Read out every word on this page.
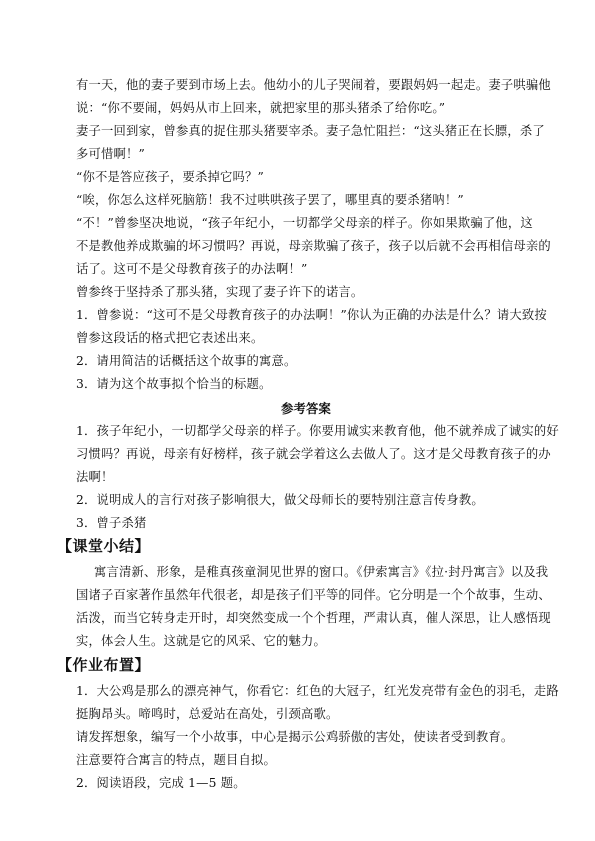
有一天，他的妻子要到市场上去。他幼小的儿子哭闹着，要跟妈妈一起走。妻子哄骗他
说：“你不要闹，妈妈从市上回来，就把家里的那头猪杀了给你吃。”
妻子一回到家，曾参真的捉住那头猪要宰杀。妻子急忙阻拦：“这头猪正在长膘，杀了
多可惜啊！”
“你不是答应孩子，要杀掉它吗？”
“唉，你怎么这样死脑筋！我不过哄哄孩子罢了，哪里真的要杀猪呐！”
“不！”曾参坚决地说，“孩子年纪小，一切都学父母亲的样子。你如果欺骗了他，这
不是教他养成欺骗的坏习惯吗？再说，母亲欺骗了孩子，孩子以后就不会再相信母亲的
话了。这可不是父母教育孩子的办法啊！”
曾参终于坚持杀了那头猪，实现了妻子许下的诺言。
1．曾参说：“这可不是父母教育孩子的办法啊！”你认为正确的办法是什么？请大致按
曾参这段话的格式把它表述出来。
2．请用简洁的话概括这个故事的寓意。
3．请为这个故事拟个恰当的标题。
参考答案
1．孩子年纪小，一切都学父母亲的样子。你要用诚实来教育他，他不就养成了诚实的好
习惯吗？再说，母亲有好榜样，孩子就会学着这么去做人了。这才是父母教育孩子的办
法啊！
2．说明成人的言行对孩子影响很大，做父母师长的要特别注意言传身教。
3．曾子杀猪
【课堂小结】
寓言清新、形象，是稚真孩童洞见世界的窗口。《伊索寓言》《拉·封丹寓言》以及我
国诸子百家著作虽然年代很老，却是孩子们平等的同伴。它分明是一个个故事，生动、
活泼，而当它转身走开时，却突然变成一个个哲理，严肃认真，催人深思，让人感悟现
实，体会人生。这就是它的风采、它的魅力。
【作业布置】
1．大公鸡是那么的漂亮神气，你看它：红色的大冠子，红光发亮带有金色的羽毛，走路
挺胸昂头。啼鸣时，总爱站在高处，引颈高歌。
请发挥想象，编写一个小故事，中心是揭示公鸡骄傲的害处，使读者受到教育。
注意要符合寓言的特点，题目自拟。
2．阅读语段，完成 1—5 题。
